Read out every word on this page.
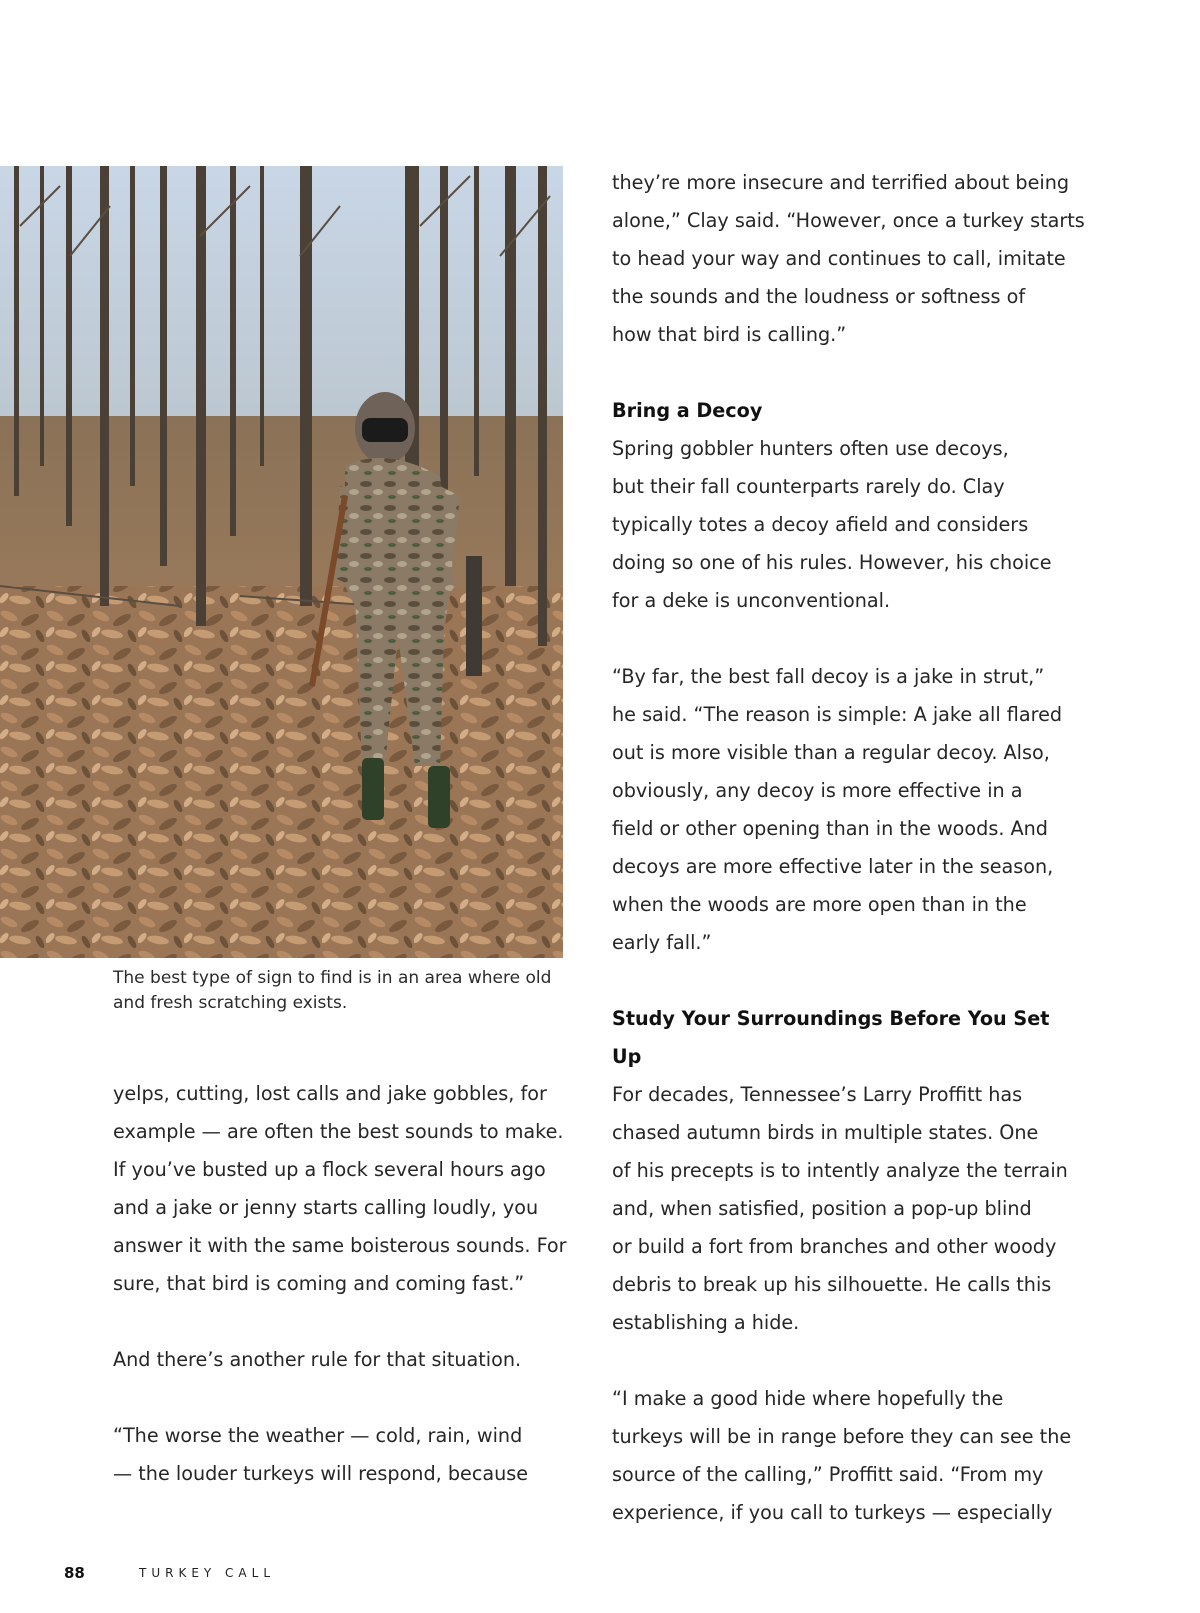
The best type of sign to find is in an area where old
and fresh scratching exists.

yelps, cutting, lost calls and jake gobbles, for
example — are often the best sounds to make.
If you’ve busted up a flock several hours ago
and a jake or jenny starts calling loudly, you
answer it with the same boisterous sounds. For
sure, that bird is coming and coming fast.”

And there’s another rule for that situation.

“The worse the weather — cold, rain, wind
— the louder turkeys will respond, because

they’re more insecure and terrified about being
alone,” Clay said. “However, once a turkey starts
to head your way and continues to call, imitate
the sounds and the loudness or softness of
how that bird is calling.”

Bring a Decoy

Spring gobbler hunters often use decoys,
but their fall counterparts rarely do. Clay
typically totes a decoy afield and considers
doing so one of his rules. However, his choice
for a deke is unconventional.

“By far, the best fall decoy is a jake in strut,”
he said. “The reason is simple: A jake all flared
out is more visible than a regular decoy. Also,
obviously, any decoy is more effective in a
field or other opening than in the woods. And
decoys are more effective later in the season,
when the woods are more open than in the
early fall.”

Study Your Surroundings Before You Set Up

For decades, Tennessee’s Larry Proffitt has
chased autumn birds in multiple states. One
of his precepts is to intently analyze the terrain
and, when satisfied, position a pop-up blind
or build a fort from branches and other woody
debris to break up his silhouette. He calls this
establishing a hide.

“I make a good hide where hopefully the
turkeys will be in range before they can see the
source of the calling,” Proffitt said. “From my
experience, if you call to turkeys — especially

88	TURKEY CALL
